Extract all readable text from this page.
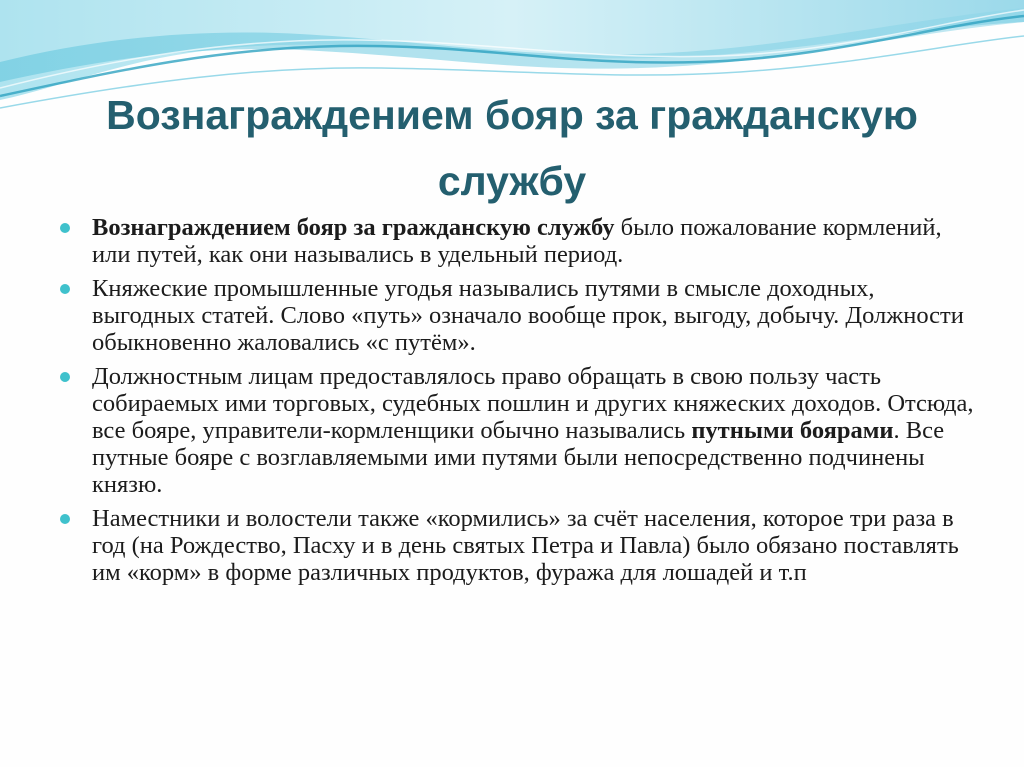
Вознаграждением бояр за гражданскую службу
Вознаграждением бояр за гражданскую службу было пожалование кормлений, или путей, как они назывались в удельный период.
Княжеские промышленные угодья назывались путями в смысле доходных, выгодных статей. Слово «путь» означало вообще прок, выгоду, добычу. Должности обыкновенно жаловались «с путём».
Должностным лицам предоставлялось право обращать в свою пользу часть собираемых ими торговых, судебных пошлин и других княжеских доходов. Отсюда, все бояре, управители-кормленщики обычно назывались путными боярами. Все путные бояре с возглавляемыми ими путями были непосредственно подчинены князю.
Наместники и волостели также «кормились» за счёт населения, которое три раза в год (на Рождество, Пасху и в день святых Петра и Павла) было обязано поставлять им «корм» в форме различных продуктов, фуража для лошадей и т.п
